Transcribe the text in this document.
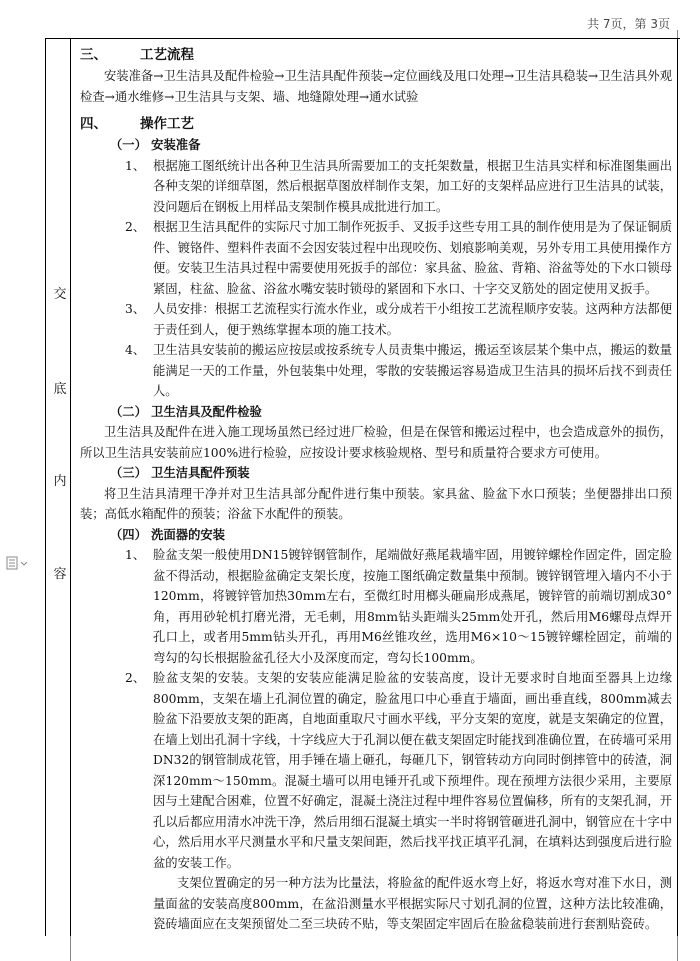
共 7页，第 3页
交
底
内
容

三、 工艺流程

安装准备→卫生洁具及配件检验→卫生洁具配件预装→定位画线及甩口处理→卫生洁具稳装→卫生洁具外观检查→通水维修→卫生洁具与支架、墙、地缝隙处理→通水试验

四、 操作工艺

（一） 安装准备

1、 根据施工图纸统计出各种卫生洁具所需要加工的支托架数量，根据卫生洁具实样和标准图集画出各种支架的详细草图，然后根据草图放样制作支架，加工好的支架样品应进行卫生洁具的试装，没问题后在钢板上用样品支架制作模具成批进行加工。

2、 根据卫生洁具配件的实际尺寸加工制作死扳手、叉扳手这些专用工具的制作使用是为了保证铜质件、镀铬件、塑料件表面不会因安装过程中出现咬伤、划痕影响美观，另外专用工具使用操作方便。安装卫生洁具过程中需要使用死扳手的部位：家具盆、脸盆、背箱、浴盆等处的下水口锁母紧固，柱盆、脸盆、浴盆水嘴安装时锁母的紧固和下水口、十字交叉筋处的固定使用叉扳手。

3、 人员安排：根据工艺流程实行流水作业，或分成若干小组按工艺流程顺序安装。这两种方法都便于责任到人，便于熟练掌握本项的施工技术。

4、 卫生洁具安装前的搬运应按层或按系统专人员责集中搬运，搬运至该层某个集中点，搬运的数量能满足一天的工作量，外包装集中处理，零散的安装搬运容易造成卫生洁具的损坏后找不到责任人。

（二） 卫生洁具及配件检验

卫生洁具及配件在进入施工现场虽然已经过进厂检验，但是在保管和搬运过程中，也会造成意外的损伤，所以卫生洁具安装前应100%进行检验，应按设计要求核验规格、型号和质量符合要求方可使用。

（三） 卫生洁具配件预装

将卫生洁具清理干净并对卫生洁具部分配件进行集中预装。家具盆、脸盆下水口预装；坐便器排出口预装；高低水箱配件的预装；浴盆下水配件的预装。

（四） 洗面器的安装

1、 脸盆支架一般使用DN15镀锌钢管制作，尾端做好燕尾栽墙牢固，用镀锌螺栓作固定件，固定脸盆不得活动，根据脸盆确定支架长度，按施工图纸确定数量集中预制。镀锌钢管埋入墙内不小于120mm，将镀锌管加热30mm左右，至微红时用榔头砸扁形成燕尾，镀锌管的前端切割成30°角，再用砂轮机打磨光滑，无毛刺，用8mm钻头距端头25mm处开孔，然后用M6螺母点焊开孔口上，或者用5mm钻头开孔，再用M6丝锥攻丝，选用M6×10～15镀锌螺栓固定，前端的弯勾的勾长根据脸盆孔径大小及深度而定，弯勾长100mm。

2、 脸盆支架的安装。支架的安装应能满足脸盆的安装高度，设计无要求时自地面至器具上边缘800mm，支架在墙上孔洞位置的确定，脸盆甩口中心垂直于墙面，画出垂直线，800mm减去脸盆下沿要放支架的距离，自地面重取尺寸画水平线，平分支架的宽度，就是支架确定的位置，在墙上划出孔洞十字线，十字线应大于孔洞以便在截支架固定时能找到准确位置，在砖墙可采用DN32的钢管制成花管，用手锤在墙上砸孔，每砸几下，钢管转动方向同时倒摔管中的砖渣，洞深120mm～150mm。混凝土墙可以用电锤开孔或下预埋件。现在预埋方法很少采用，主要原因与土建配合困难，位置不好确定，混凝土浇注过程中埋件容易位置偏移，所有的支架孔洞，开孔以后都应用清水冲洗干净，然后用细石混凝土填实一半时将钢管砸进孔洞中，钢管应在十字中心，然后用水平尺测量水平和尺量支架间距，然后找平找正填平孔洞，在填料达到强度后进行脸盆的安装工作。

支架位置确定的另一种方法为比量法，将脸盆的配件返水弯上好，将返水弯对准下水日，测量面盆的安装高度800mm，在盆沿测量水平根据实际尺寸划孔洞的位置，这种方法比较准确，瓷砖墙面应在支架预留处二至三块砖不贴，等支架固定牢固后在脸盆稳装前进行套割贴瓷砖。
